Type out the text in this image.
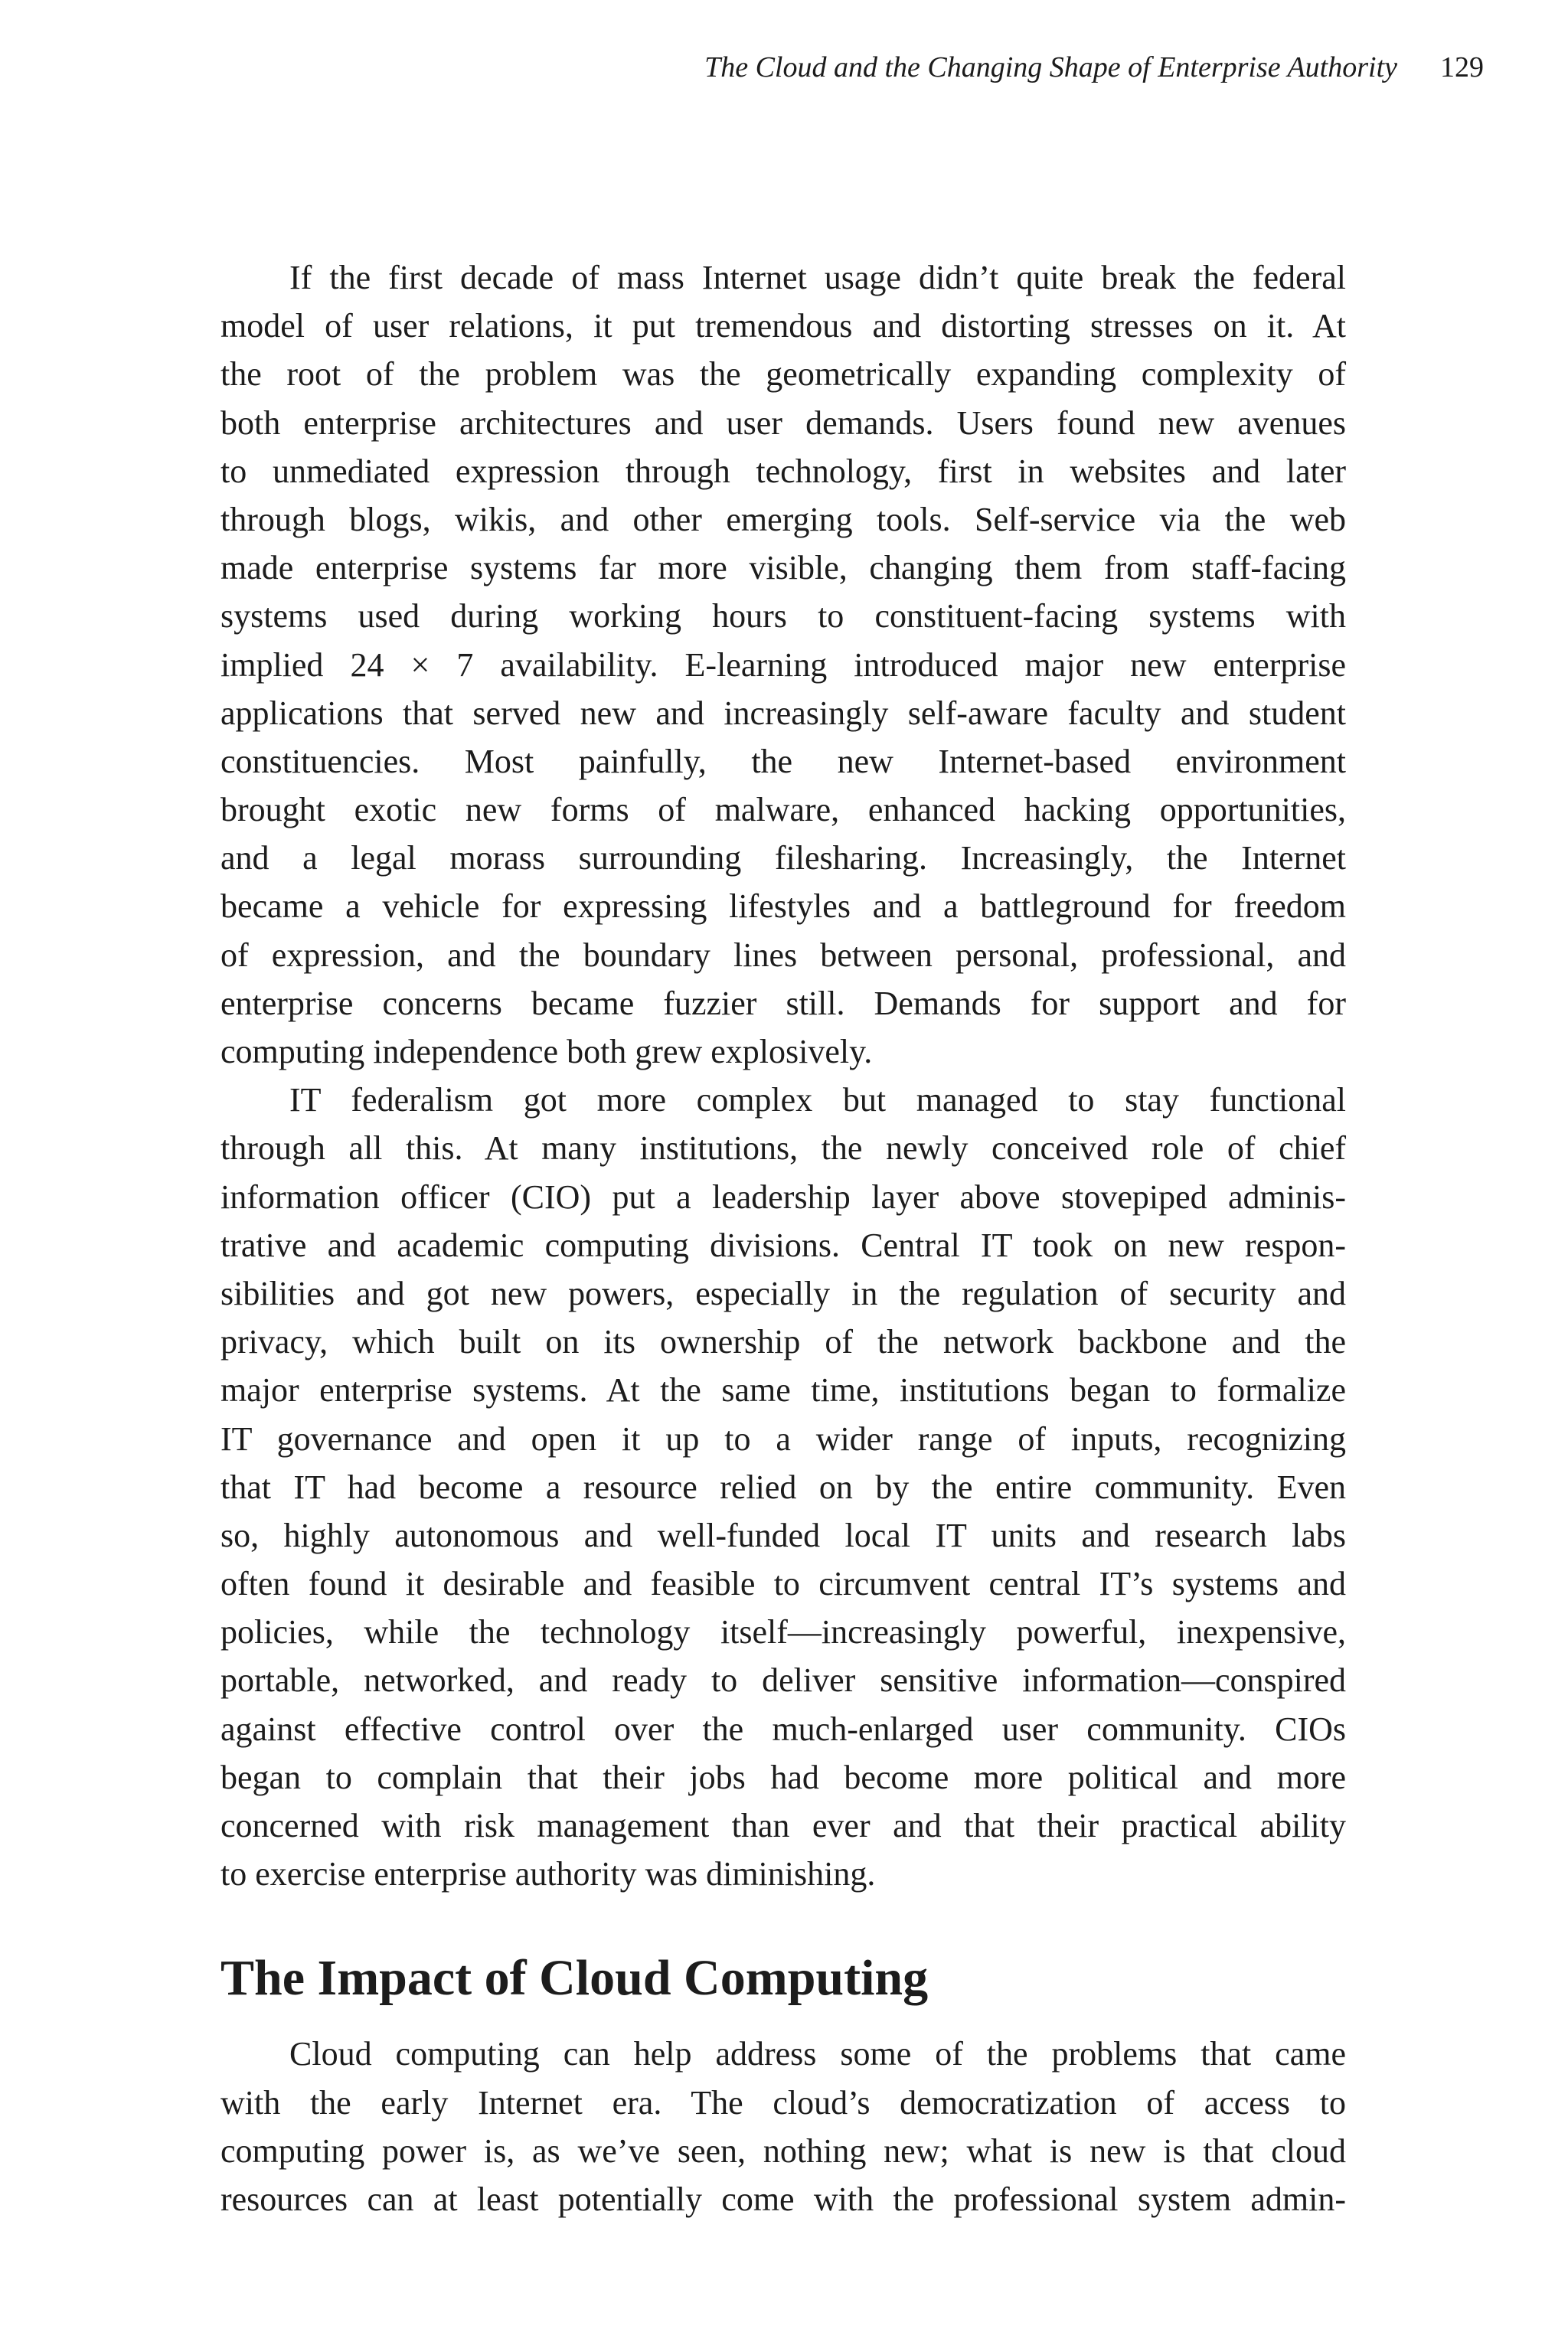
The Cloud and the Changing Shape of Enterprise Authority 129

If the first decade of mass Internet usage didn’t quite break the federal
model of user relations, it put tremendous and distorting stresses on it. At
the root of the problem was the geometrically expanding complexity of
both enterprise architectures and user demands. Users found new avenues
to unmediated expression through technology, first in websites and later
through blogs, wikis, and other emerging tools. Self-service via the web
made enterprise systems far more visible, changing them from staff-facing
systems used during working hours to constituent-facing systems with
implied 24 × 7 availability. E-learning introduced major new enterprise
applications that served new and increasingly self-aware faculty and student
constituencies. Most painfully, the new Internet-based environment
brought exotic new forms of malware, enhanced hacking opportunities,
and a legal morass surrounding filesharing. Increasingly, the Internet
became a vehicle for expressing lifestyles and a battleground for freedom
of expression, and the boundary lines between personal, professional, and
enterprise concerns became fuzzier still. Demands for support and for
computing independence both grew explosively.

IT federalism got more complex but managed to stay functional
through all this. At many institutions, the newly conceived role of chief
information officer (CIO) put a leadership layer above stovepiped adminis-
trative and academic computing divisions. Central IT took on new respon-
sibilities and got new powers, especially in the regulation of security and
privacy, which built on its ownership of the network backbone and the
major enterprise systems. At the same time, institutions began to formalize
IT governance and open it up to a wider range of inputs, recognizing
that IT had become a resource relied on by the entire community. Even
so, highly autonomous and well-funded local IT units and research labs
often found it desirable and feasible to circumvent central IT’s systems and
policies, while the technology itself—increasingly powerful, inexpensive,
portable, networked, and ready to deliver sensitive information—conspired
against effective control over the much-enlarged user community. CIOs
began to complain that their jobs had become more political and more
concerned with risk management than ever and that their practical ability
to exercise enterprise authority was diminishing.

The Impact of Cloud Computing

Cloud computing can help address some of the problems that came
with the early Internet era. The cloud’s democratization of access to
computing power is, as we’ve seen, nothing new; what is new is that cloud
resources can at least potentially come with the professional system admin-
